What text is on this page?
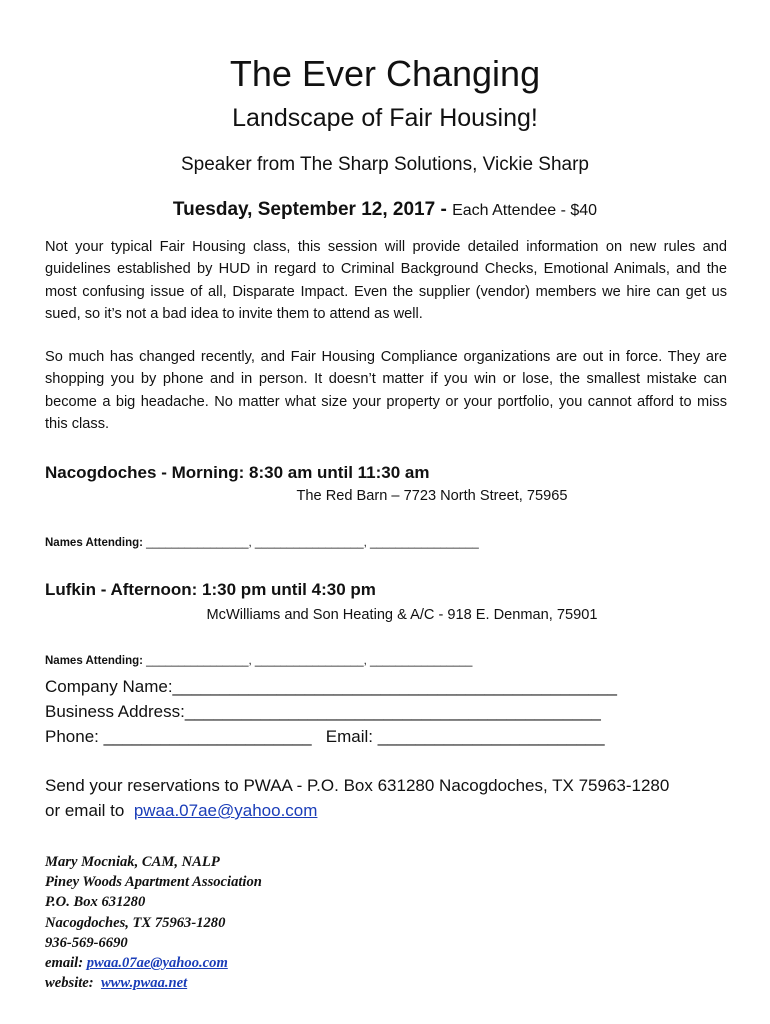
The Ever Changing
Landscape of Fair Housing!
Speaker from The Sharp Solutions, Vickie Sharp
Tuesday, September 12, 2017 - Each Attendee - $40
Not your typical Fair Housing class, this session will provide detailed information on new rules and guidelines established by HUD in regard to Criminal Background Checks, Emotional Animals, and the most confusing issue of all, Disparate Impact. Even the supplier (vendor) members we hire can get us sued, so it’s not a bad idea to invite them to attend as well.
So much has changed recently, and Fair Housing Compliance organizations are out in force. They are shopping you by phone and in person. It doesn’t matter if you win or lose, the smallest mistake can become a big headache. No matter what size your property or your portfolio, you cannot afford to miss this class.
Nacogdoches - Morning: 8:30 am until 11:30 am
The Red Barn – 7723 North Street, 75965
Names Attending: ________________, _________________, _________________
Lufkin - Afternoon: 1:30 pm until 4:30 pm
McWilliams and Son Heating & A/C - 918 E. Denman, 75901
Names Attending: ________________, _________________, ________________
Company Name:_______________________________________________
Business Address:____________________________________________
Phone: ______________________   Email: ________________________
Send your reservations to PWAA - P.O. Box 631280 Nacogdoches, TX 75963-1280
or email to  pwaa.07ae@yahoo.com
Mary Mocniak, CAM, NALP
Piney Woods Apartment Association
P.O. Box 631280
Nacogdoches, TX 75963-1280
936-569-6690
email: pwaa.07ae@yahoo.com
website:  www.pwaa.net
